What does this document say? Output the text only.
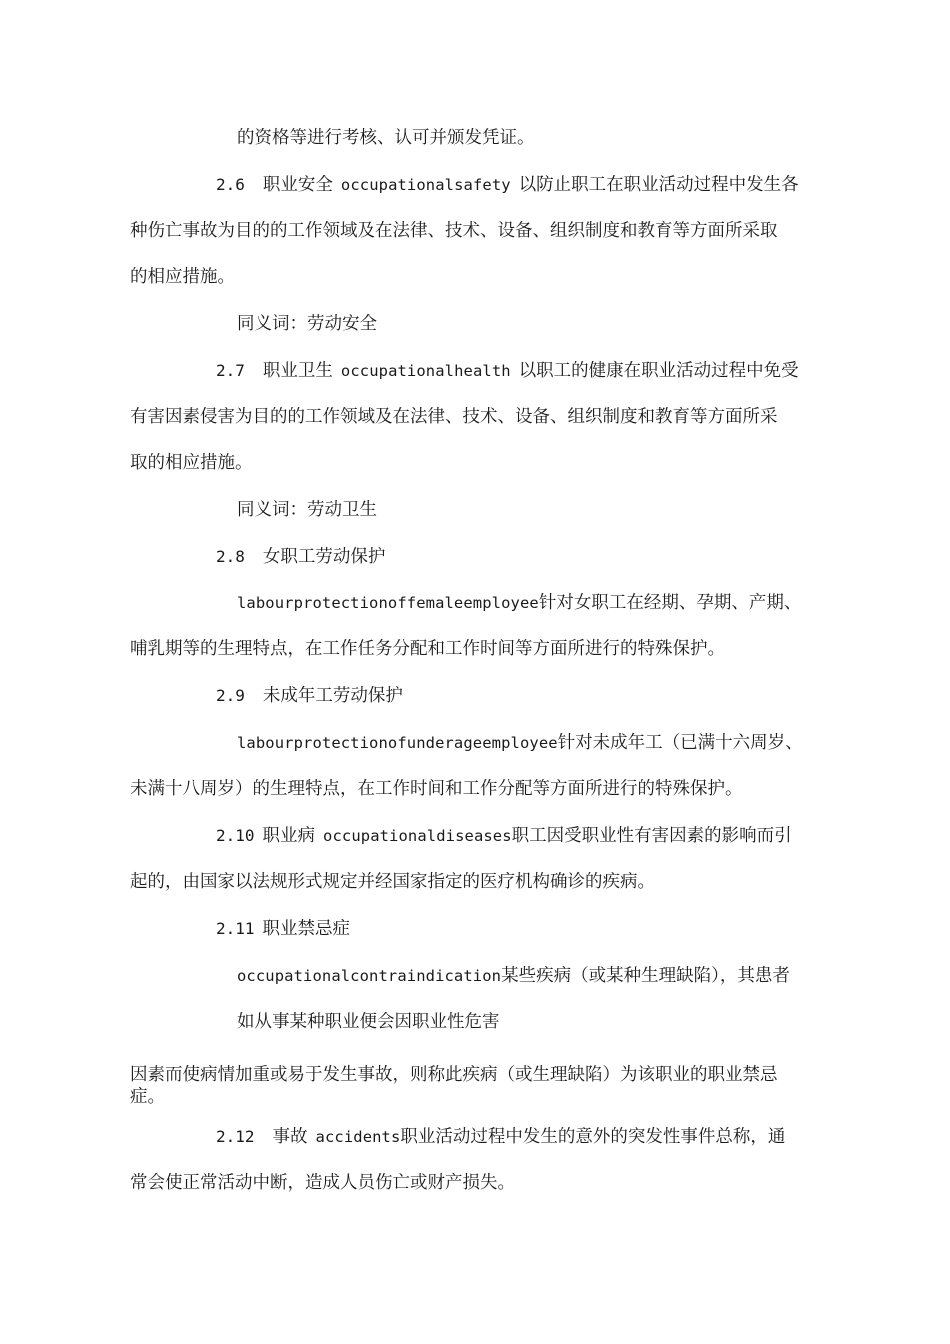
的资格等进行考核、认可并颁发凭证。
2.6 职业安全 occupationalsafety 以防止职工在职业活动过程中发生各
种伤亡事故为目的的工作领域及在法律、技术、设备、组织制度和教育等方面所采取
的相应措施。
同义词：劳动安全
2.7 职业卫生 occupationalhealth 以职工的健康在职业活动过程中免受
有害因素侵害为目的的工作领域及在法律、技术、设备、组织制度和教育等方面所采
取的相应措施。
同义词：劳动卫生
2.8 女职工劳动保护
labourprotectionoffemaleemployee针对女职工在经期、孕期、产期、
哺乳期等的生理特点，在工作任务分配和工作时间等方面所进行的特殊保护。
2.9 未成年工劳动保护
labourprotectionofunderageemployee针对未成年工（已满十六周岁、
未满十八周岁）的生理特点，在工作时间和工作分配等方面所进行的特殊保护。
2.10 职业病 occupationaldiseases职工因受职业性有害因素的影响而引
起的，由国家以法规形式规定并经国家指定的医疗机构确诊的疾病。
2.11 职业禁忌症
occupationalcontraindication某些疾病（或某种生理缺陷），其患者
如从事某种职业便会因职业性危害
因素而使病情加重或易于发生事故，则称此疾病（或生理缺陷）为该职业的职业禁忌
症。
2.12 事故 accidents职业活动过程中发生的意外的突发性事件总称，通
常会使正常活动中断，造成人员伤亡或财产损失。
